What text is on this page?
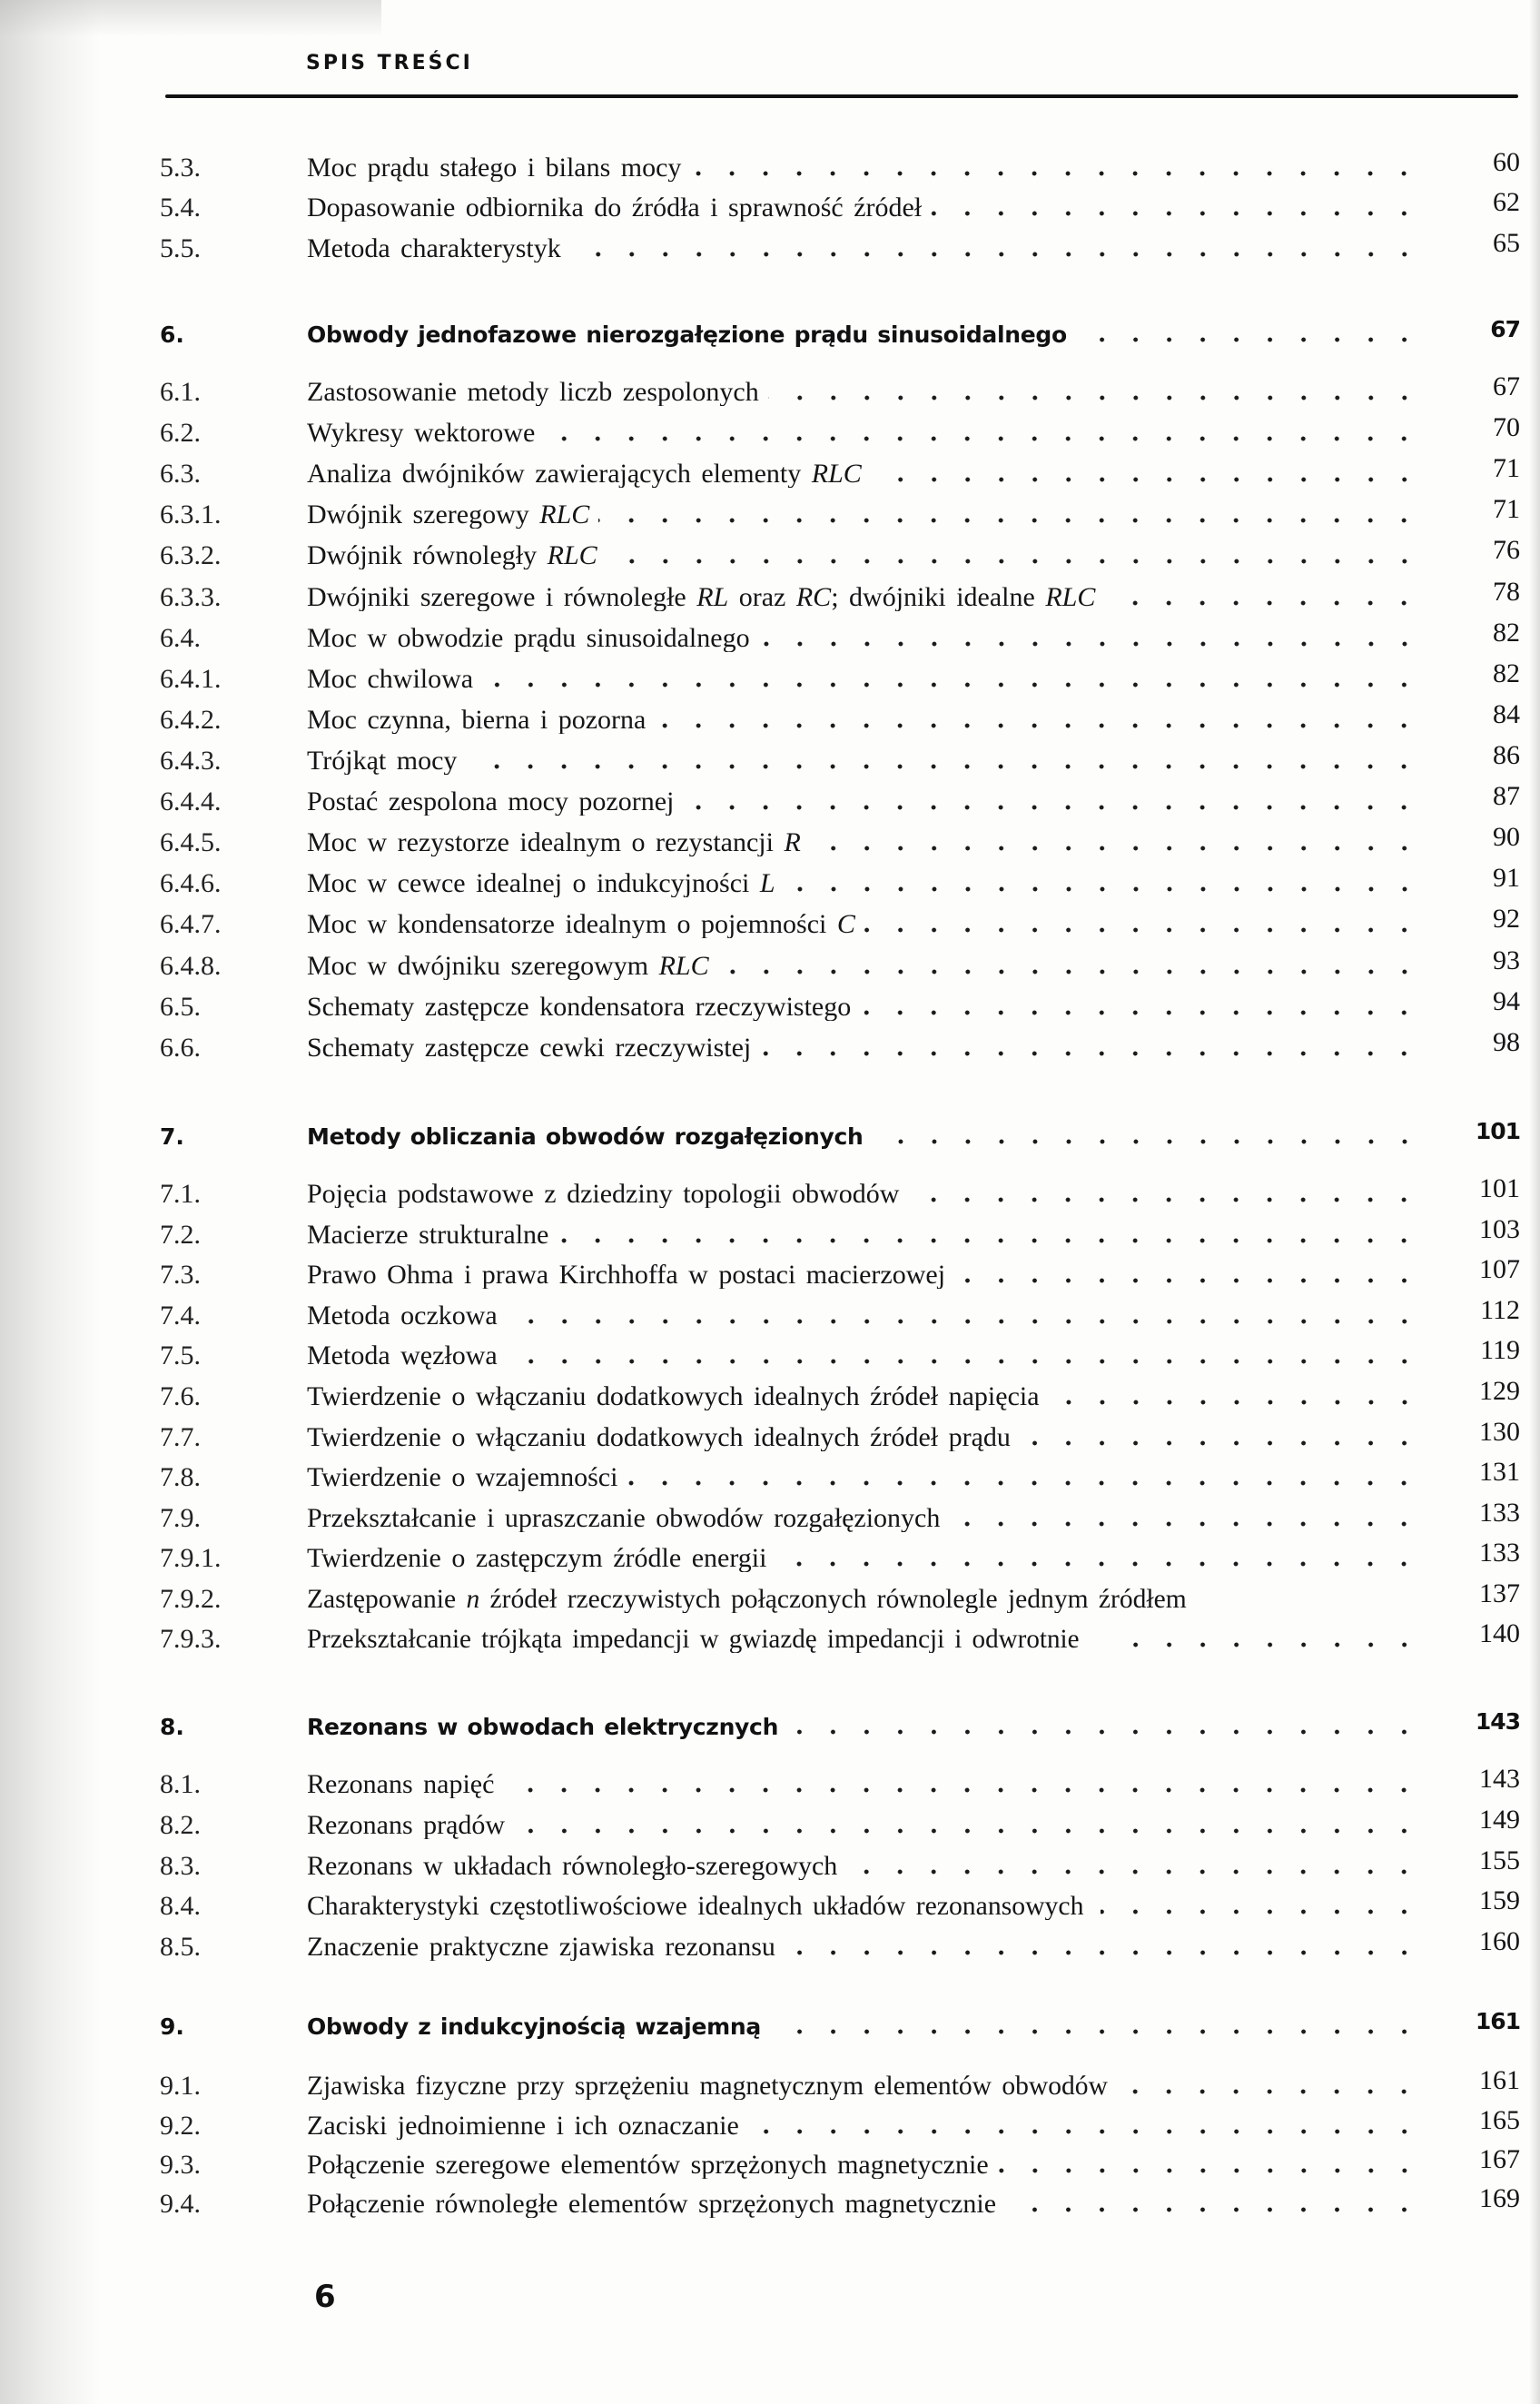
SPIS TREŚCI
5.3.	Moc prądu stałego i bilans mocy	60
5.4.	Dopasowanie odbiornika do źródła i sprawność źródeł	62
5.5.	Metoda charakterystyk	65
6.	Obwody jednofazowe nierozgałęzione prądu sinusoidalnego	67
6.1.	Zastosowanie metody liczb zespolonych	67
6.2.	Wykresy wektorowe	70
6.3.	Analiza dwójników zawierających elementy RLC	71
6.3.1.	Dwójnik szeregowy RLC	71
6.3.2.	Dwójnik równoległy RLC	76
6.3.3.	Dwójniki szeregowe i równoległe RL oraz RC; dwójniki idealne RLC	78
6.4.	Moc w obwodzie prądu sinusoidalnego	82
6.4.1.	Moc chwilowa	82
6.4.2.	Moc czynna, bierna i pozorna	84
6.4.3.	Trójkąt mocy	86
6.4.4.	Postać zespolona mocy pozornej	87
6.4.5.	Moc w rezystorze idealnym o rezystancji R	90
6.4.6.	Moc w cewce idealnej o indukcyjności L	91
6.4.7.	Moc w kondensatorze idealnym o pojemności C	92
6.4.8.	Moc w dwójniku szeregowym RLC	93
6.5.	Schematy zastępcze kondensatora rzeczywistego	94
6.6.	Schematy zastępcze cewki rzeczywistej	98
7.	Metody obliczania obwodów rozgałęzionych	101
7.1.	Pojęcia podstawowe z dziedziny topologii obwodów	101
7.2.	Macierze strukturalne	103
7.3.	Prawo Ohma i prawa Kirchhoffa w postaci macierzowej	107
7.4.	Metoda oczkowa	112
7.5.	Metoda węzłowa	119
7.6.	Twierdzenie o włączaniu dodatkowych idealnych źródeł napięcia	129
7.7.	Twierdzenie o włączaniu dodatkowych idealnych źródeł prądu	130
7.8.	Twierdzenie o wzajemności	131
7.9.	Przekształcanie i upraszczanie obwodów rozgałęzionych	133
7.9.1.	Twierdzenie o zastępczym źródle energii	133
7.9.2.	Zastępowanie n źródeł rzeczywistych połączonych równolegle jednym źródłem	137
7.9.3.	Przekształcanie trójkąta impedancji w gwiazdę impedancji i odwrotnie	140
8.	Rezonans w obwodach elektrycznych	143
8.1.	Rezonans napięć	143
8.2.	Rezonans prądów	149
8.3.	Rezonans w układach równoległo-szeregowych	155
8.4.	Charakterystyki częstotliwościowe idealnych układów rezonansowych	159
8.5.	Znaczenie praktyczne zjawiska rezonansu	160
9.	Obwody z indukcyjnością wzajemną	161
9.1.	Zjawiska fizyczne przy sprzężeniu magnetycznym elementów obwodów	161
9.2.	Zaciski jednoimienne i ich oznaczanie	165
9.3.	Połączenie szeregowe elementów sprzężonych magnetycznie	167
9.4.	Połączenie równoległe elementów sprzężonych magnetycznie	169
6
